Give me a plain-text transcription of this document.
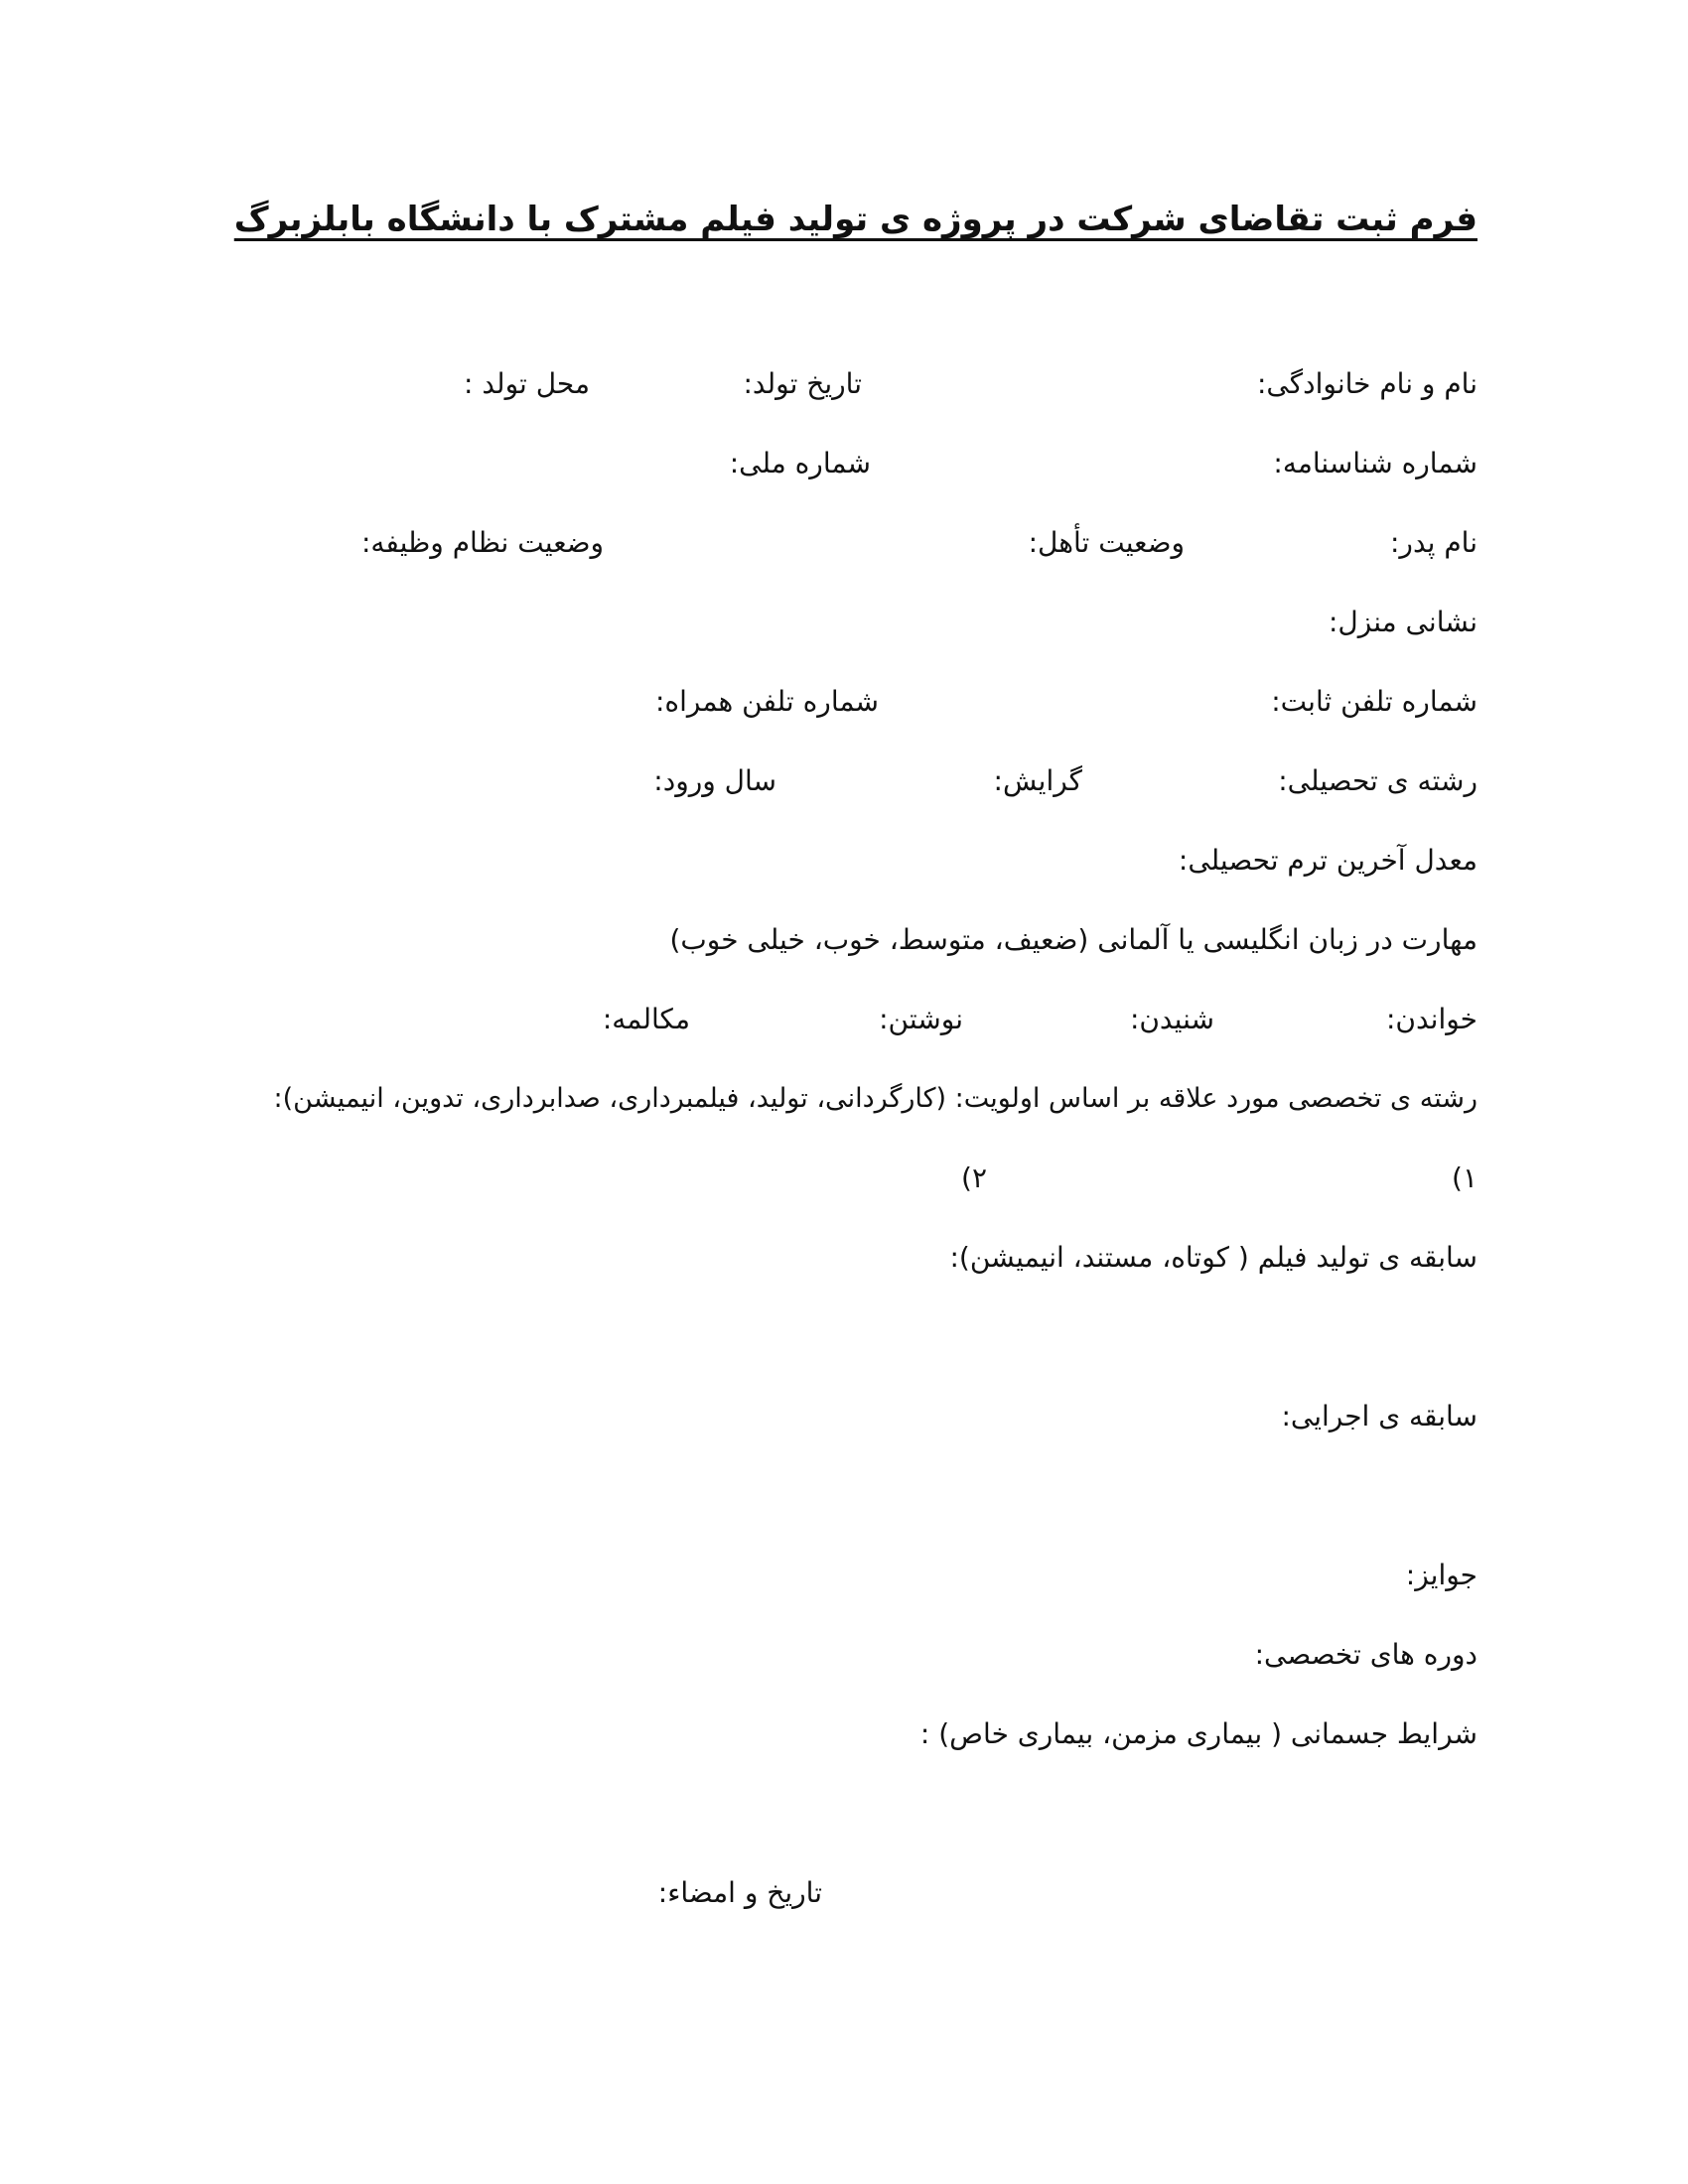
فرم ثبت تقاضای شرکت در پروژه ی تولید فیلم مشترک با دانشگاه بابلزبرگ
نام و نام خانوادگی:
تاریخ تولد:
محل تولد :
شماره شناسنامه:
شماره ملی:
نام پدر:
وضعیت تأهل:
وضعیت نظام وظیفه:
نشانی منزل:
شماره تلفن ثابت:
شماره تلفن همراه:
رشته ی تحصیلی:
گرایش:
سال ورود:
معدل آخرین ترم تحصیلی:
مهارت در زبان انگلیسی یا آلمانی (ضعیف، متوسط، خوب، خیلی خوب)
خواندن:
شنیدن:
نوشتن:
مکالمه:
رشته ی تخصصی مورد علاقه بر اساس اولویت: (کارگردانی، تولید، فیلمبرداری، صدابرداری، تدوین، انیمیشن):
۱)
۲)
سابقه ی تولید فیلم ( کوتاه، مستند، انیمیشن):
سابقه ی اجرایی:
جوایز:
دوره های تخصصی:
شرایط جسمانی ( بیماری مزمن، بیماری خاص) :
تاریخ و امضاء:
